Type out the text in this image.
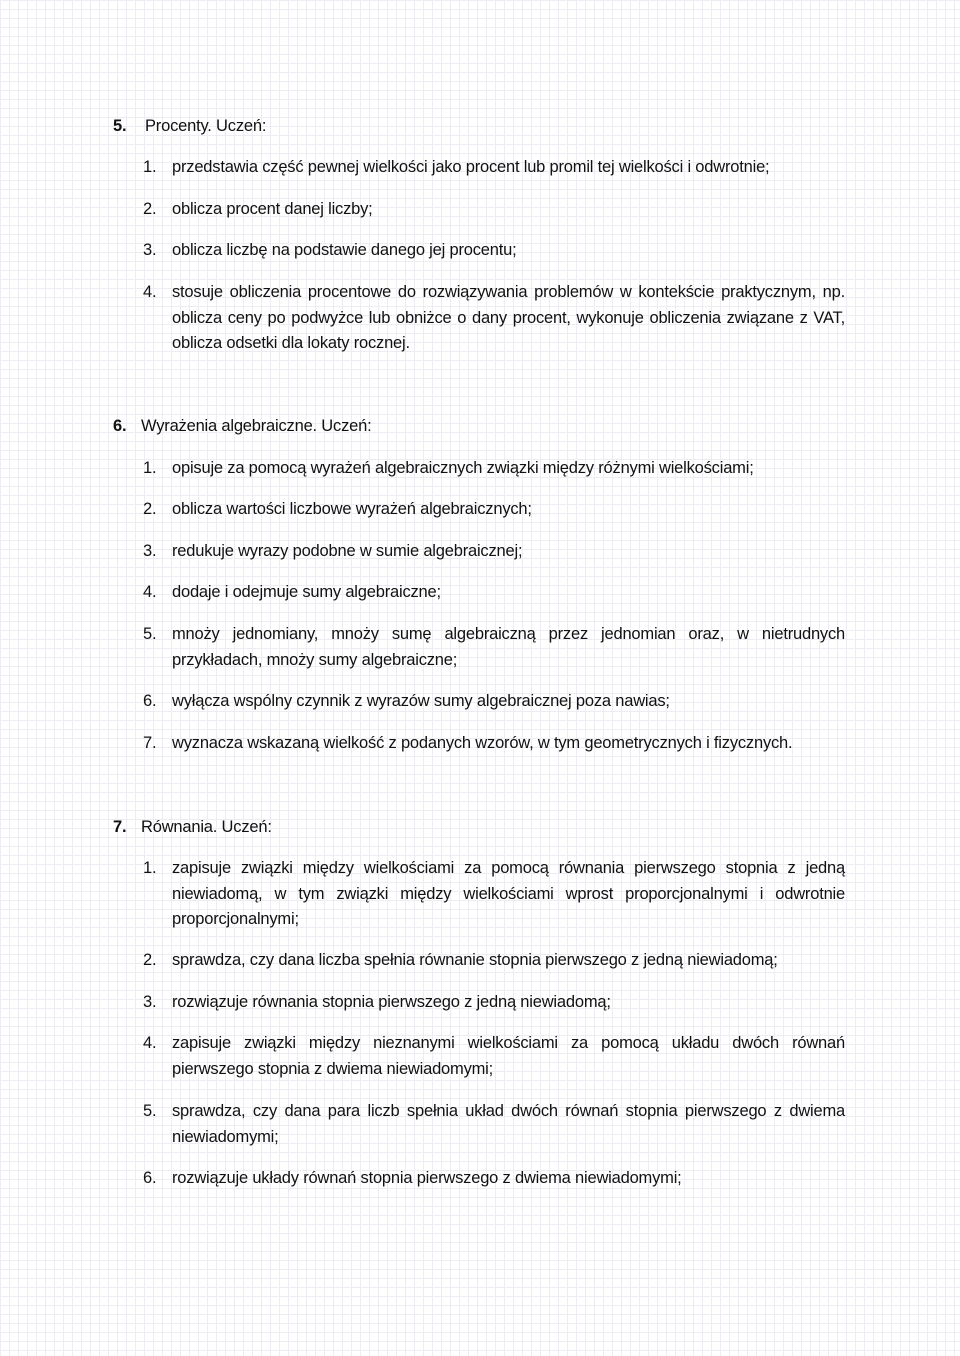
5. Procenty. Uczeń:
1. przedstawia część pewnej wielkości jako procent lub promil tej wielkości i odwrotnie;
2. oblicza procent danej liczby;
3. oblicza liczbę na podstawie danego jej procentu;
4. stosuje obliczenia procentowe do rozwiązywania problemów w kontekście praktycznym, np. oblicza ceny po podwyżce lub obniżce o dany procent, wykonuje obliczenia związane z VAT, oblicza odsetki dla lokaty rocznej.
6. Wyrażenia algebraiczne. Uczeń:
1. opisuje za pomocą wyrażeń algebraicznych związki między różnymi wielkościami;
2. oblicza wartości liczbowe wyrażeń algebraicznych;
3. redukuje wyrazy podobne w sumie algebraicznej;
4. dodaje i odejmuje sumy algebraiczne;
5. mnoży jednomiany, mnoży sumę algebraiczną przez jednomian oraz, w nietrudnych przykładach, mnoży sumy algebraiczne;
6. wyłącza wspólny czynnik z wyrazów sumy algebraicznej poza nawias;
7. wyznacza wskazaną wielkość z podanych wzorów, w tym geometrycznych i fizycznych.
7. Równania. Uczeń:
1. zapisuje związki między wielkościami za pomocą równania pierwszego stopnia z jedną niewiadomą, w tym związki między wielkościami wprost proporcjonalnymi i odwrotnie proporcjonalnymi;
2. sprawdza, czy dana liczba spełnia równanie stopnia pierwszego z jedną niewiadomą;
3. rozwiązuje równania stopnia pierwszego z jedną niewiadomą;
4. zapisuje związki między nieznanymi wielkościami za pomocą układu dwóch równań pierwszego stopnia z dwiema niewiadomymi;
5. sprawdza, czy dana para liczb spełnia układ dwóch równań stopnia pierwszego z dwiema niewiadomymi;
6. rozwiązuje układy równań stopnia pierwszego z dwiema niewiadomymi;
